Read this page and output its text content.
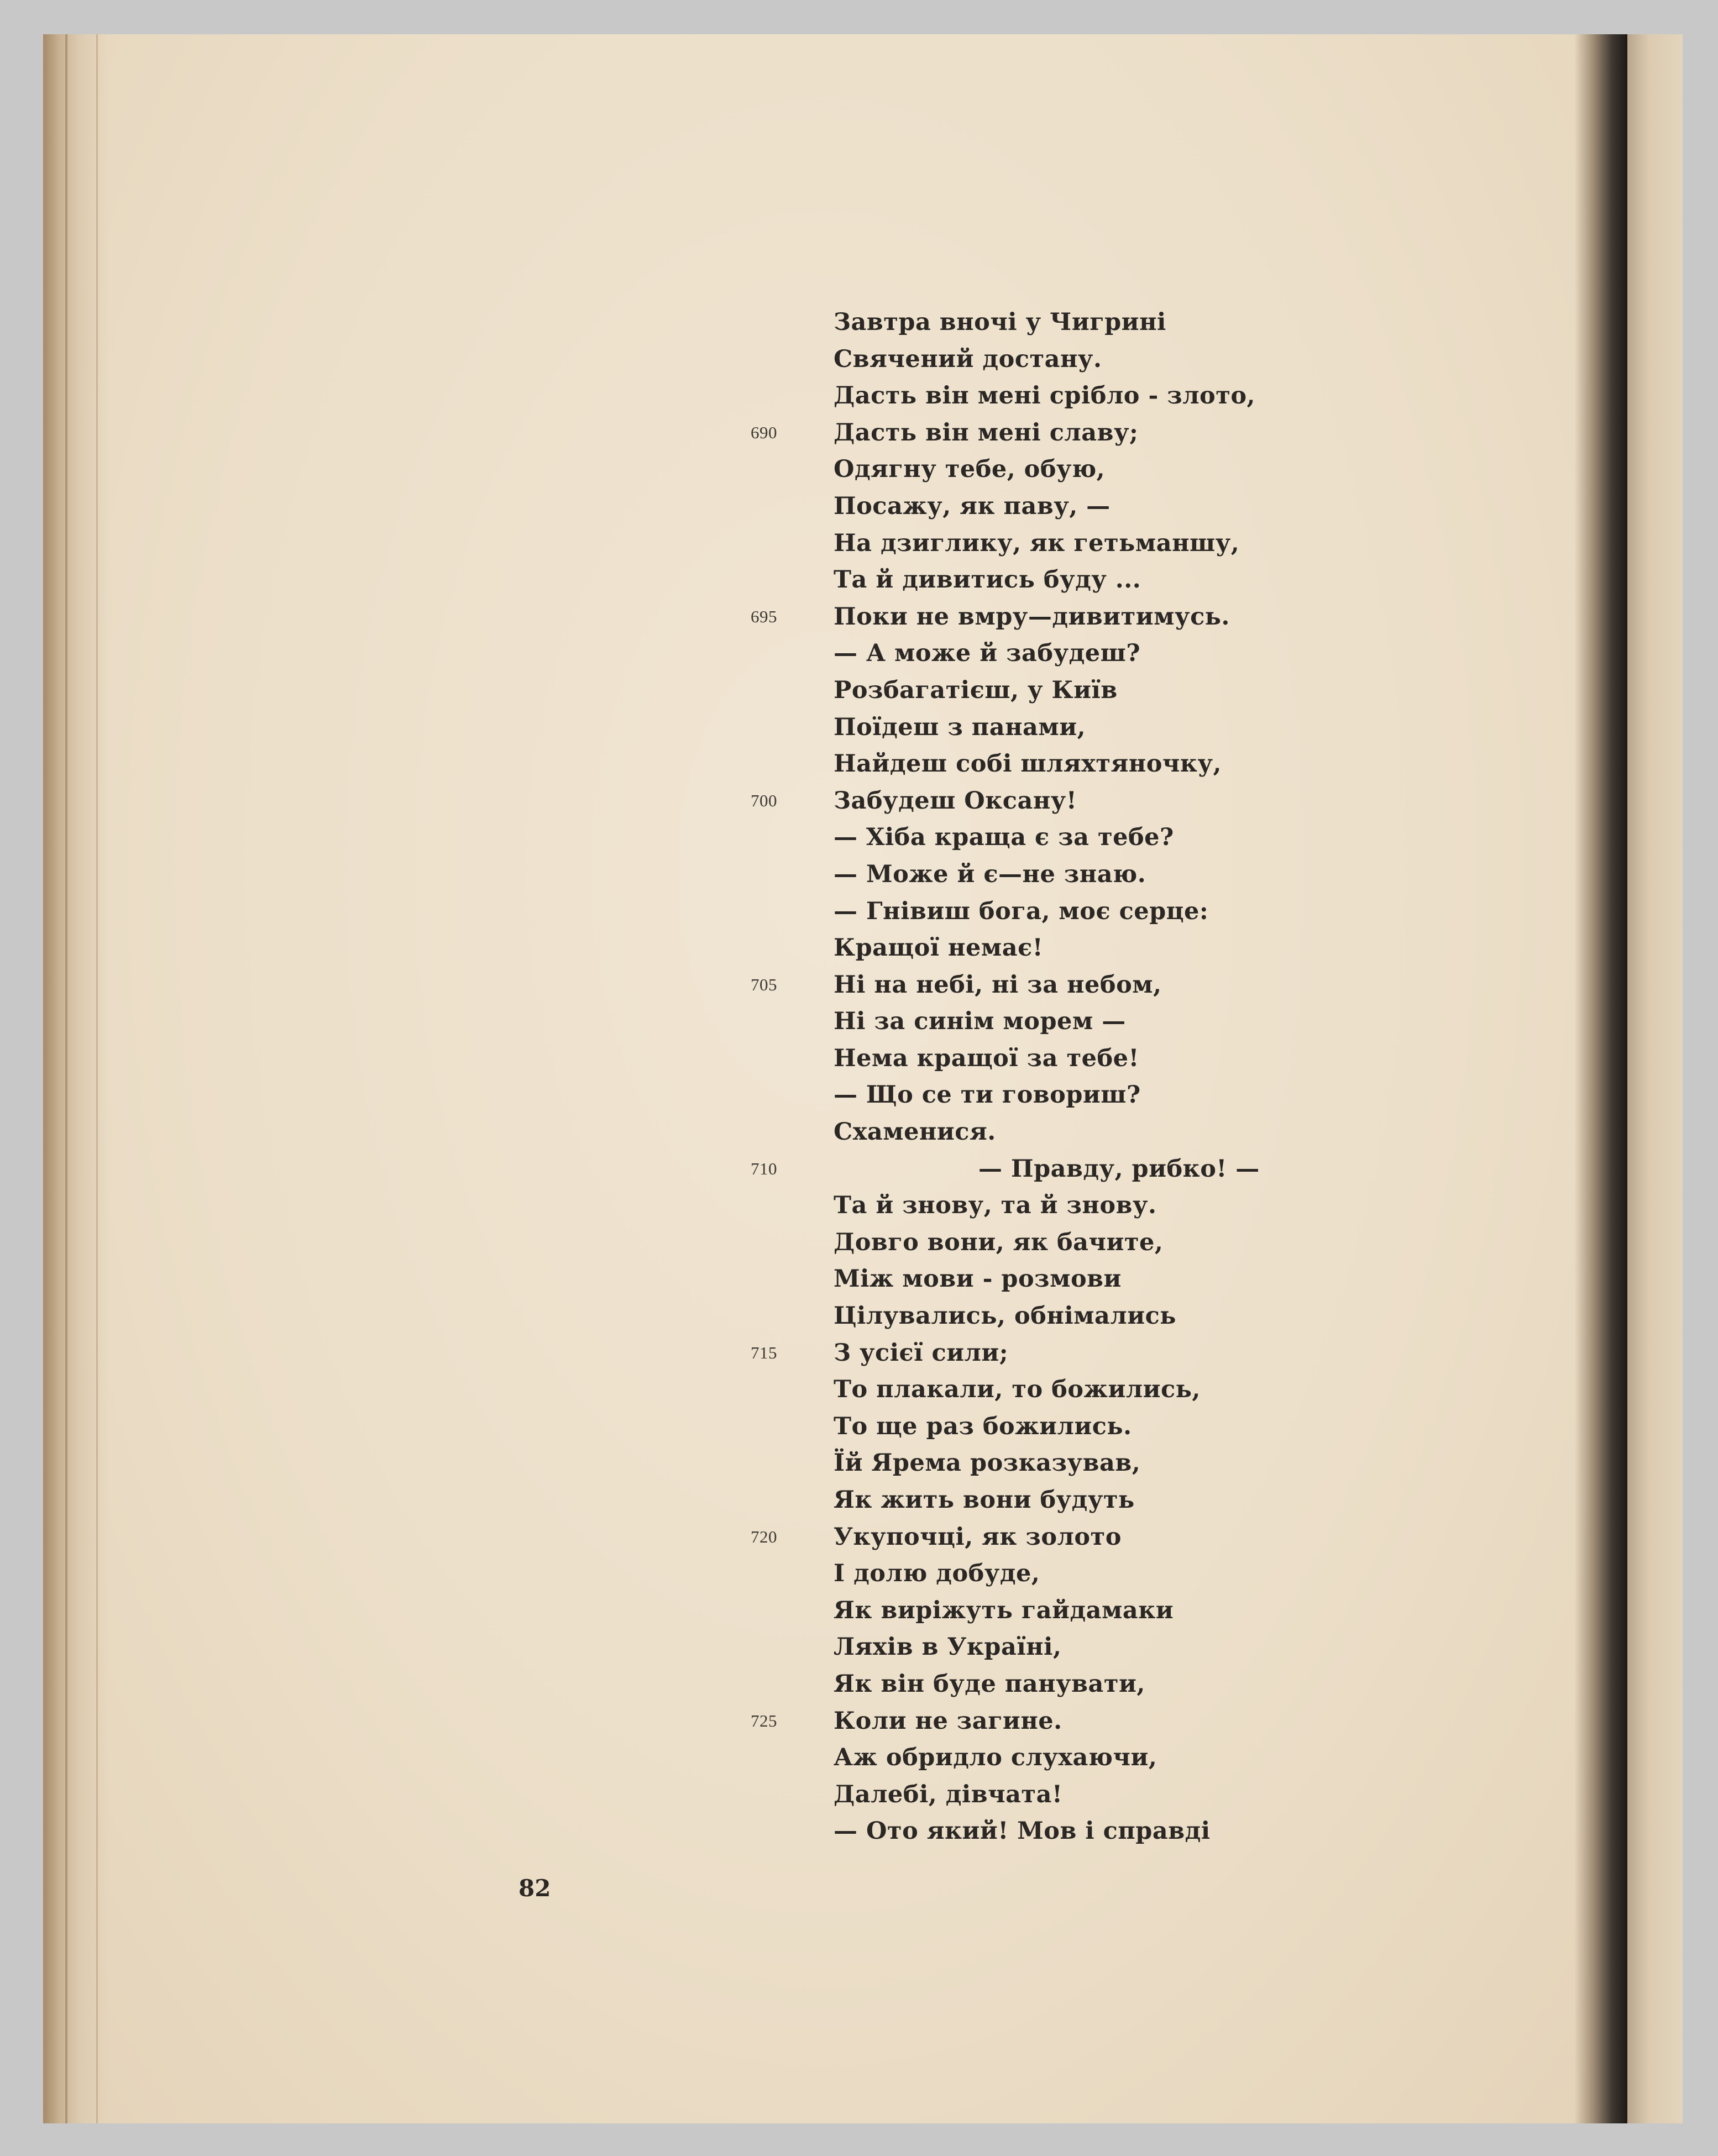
Завтра вночі у Чигрині
Свячений достану.
Дасть він мені срібло - злото,
690	Дасть він мені славу;
Одягну тебе, обую,
Посажу, як паву, —
На дзиглику, як гетьманшу,
Та й дивитись буду ...
695	Поки не вмру—дивитимусь.
— А може й забудеш?
Розбагатієш, у Київ
Поїдеш з панами,
Найдеш собі шляхтяночку,
700	Забудеш Оксану!
— Хіба краща є за тебе?
— Може й є—не знаю.
— Гнівиш бога, моє серце:
Кращої немає!
705	Ні на небі, ні за небом,
Ні за синім морем —
Нема кращої за тебе!
— Що се ти говориш?
Схаменися.
710	— Правду, рибко! —
Та й знову, та й знову.
Довго вони, як бачите,
Між мови - розмови
Цілувались, обнімались
715	З усієї сили;
То плакали, то божились,
То ще раз божились.
Їй Ярема розказував,
Як жить вони будуть
720	Укупочці, як золото
І долю добуде,
Як виріжуть гайдамаки
Ляхів в Україні,
Як він буде панувати,
725	Коли не загине.
Аж обридло слухаючи,
Далебі, дівчата!
— Ото який! Мов і справді
82
